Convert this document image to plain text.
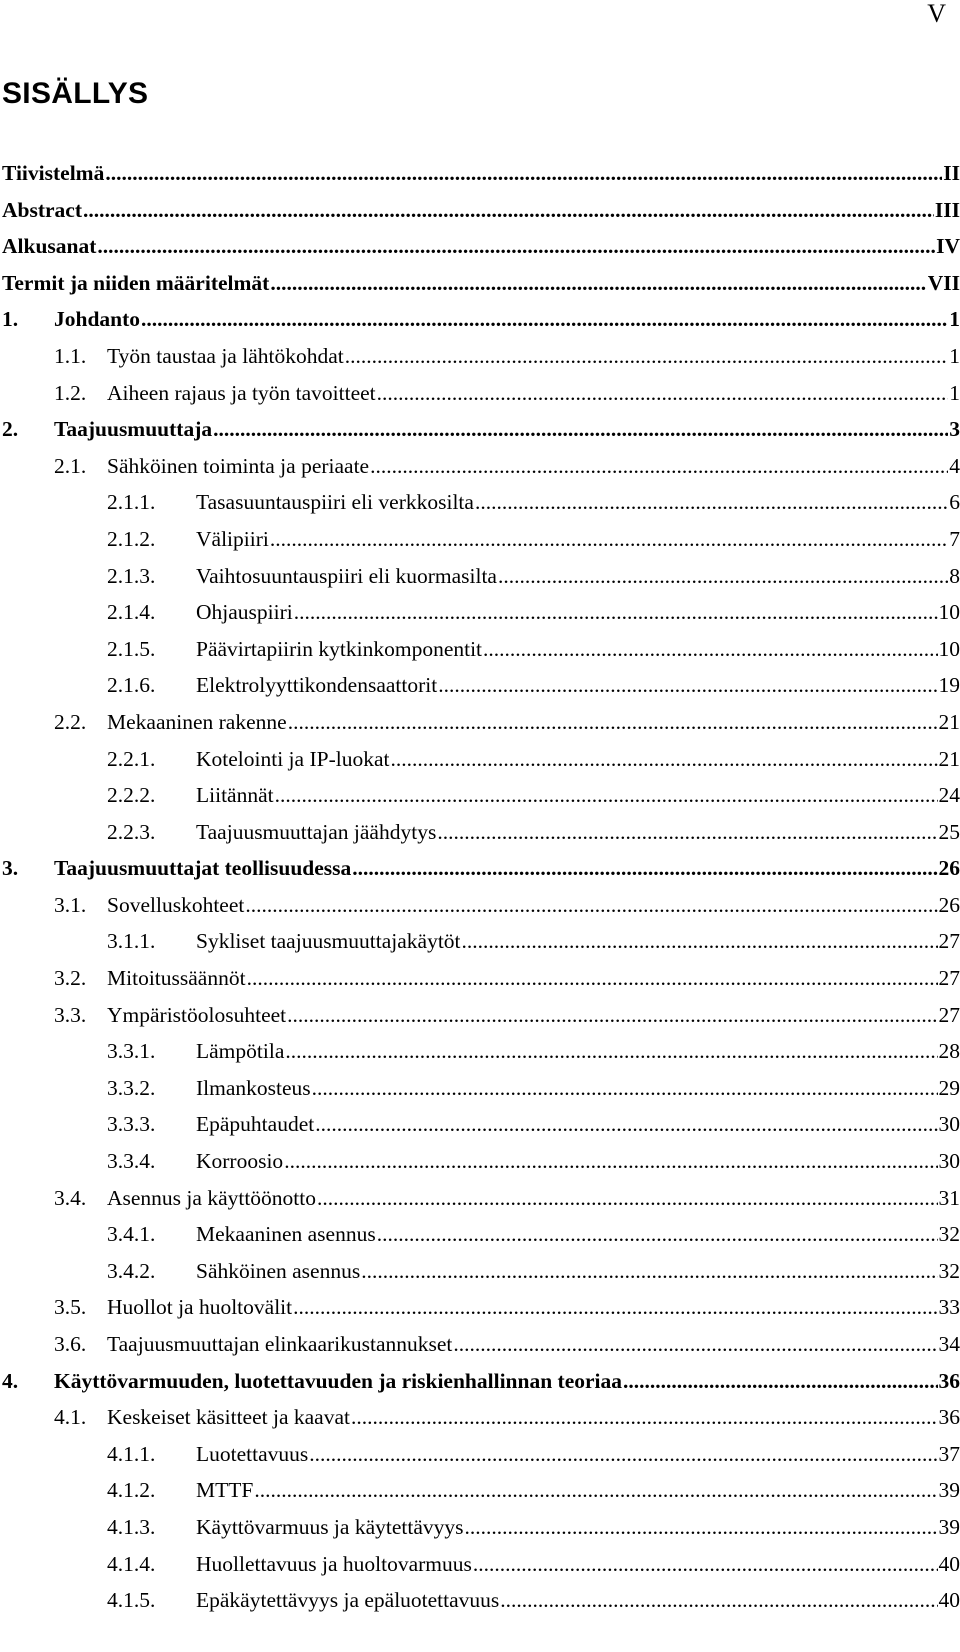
V
SISÄLLYS
Tiivistelmä .....	II
Abstract .....	III
Alkusanat .....	IV
Termit ja niiden määritelmät .....	VII
1. Johdanto .....	1
1.1. Työn taustaa ja lähtökohdat .....	1
1.2. Aiheen rajaus ja työn tavoitteet .....	1
2. Taajuusmuuttaja .....	3
2.1. Sähköinen toiminta ja periaate .....	4
2.1.1. Tasasuuntauspiiri eli verkkosilta .....	6
2.1.2. Välipiiri .....	7
2.1.3. Vaihtosuuntauspiiri eli kuormasilta .....	8
2.1.4. Ohjauspiiri .....	10
2.1.5. Päävirtapiirin kytkinkomponentit .....	10
2.1.6. Elektrolyyttikondensaattorit .....	19
2.2. Mekaaninen rakenne .....	21
2.2.1. Kotelointi ja IP-luokat .....	21
2.2.2. Liitännät .....	24
2.2.3. Taajuusmuuttajan jäähdytys .....	25
3. Taajuusmuuttajat teollisuudessa .....	26
3.1. Sovelluskohteet .....	26
3.1.1. Sykliset taajuusmuuttajakäytöt .....	27
3.2. Mitoitussäännöt .....	27
3.3. Ympäristöolosuhteet .....	27
3.3.1. Lämpötila .....	28
3.3.2. Ilmankosteus .....	29
3.3.3. Epäpuhtaudet .....	30
3.3.4. Korroosio .....	30
3.4. Asennus ja käyttöönotto .....	31
3.4.1. Mekaaninen asennus .....	32
3.4.2. Sähköinen asennus .....	32
3.5. Huollot ja huoltovälit .....	33
3.6. Taajuusmuuttajan elinkaarikustannukset .....	34
4. Käyttövarmuuden, luotettavuuden ja riskienhallinnan teoriaa .....	36
4.1. Keskeiset käsitteet ja kaavat .....	36
4.1.1. Luotettavuus .....	37
4.1.2. MTTF .....	39
4.1.3. Käyttövarmuus ja käytettävyys .....	39
4.1.4. Huollettavuus ja huoltovarmuus .....	40
4.1.5. Epäkäytettävyys ja epäluotettavuus .....	40
